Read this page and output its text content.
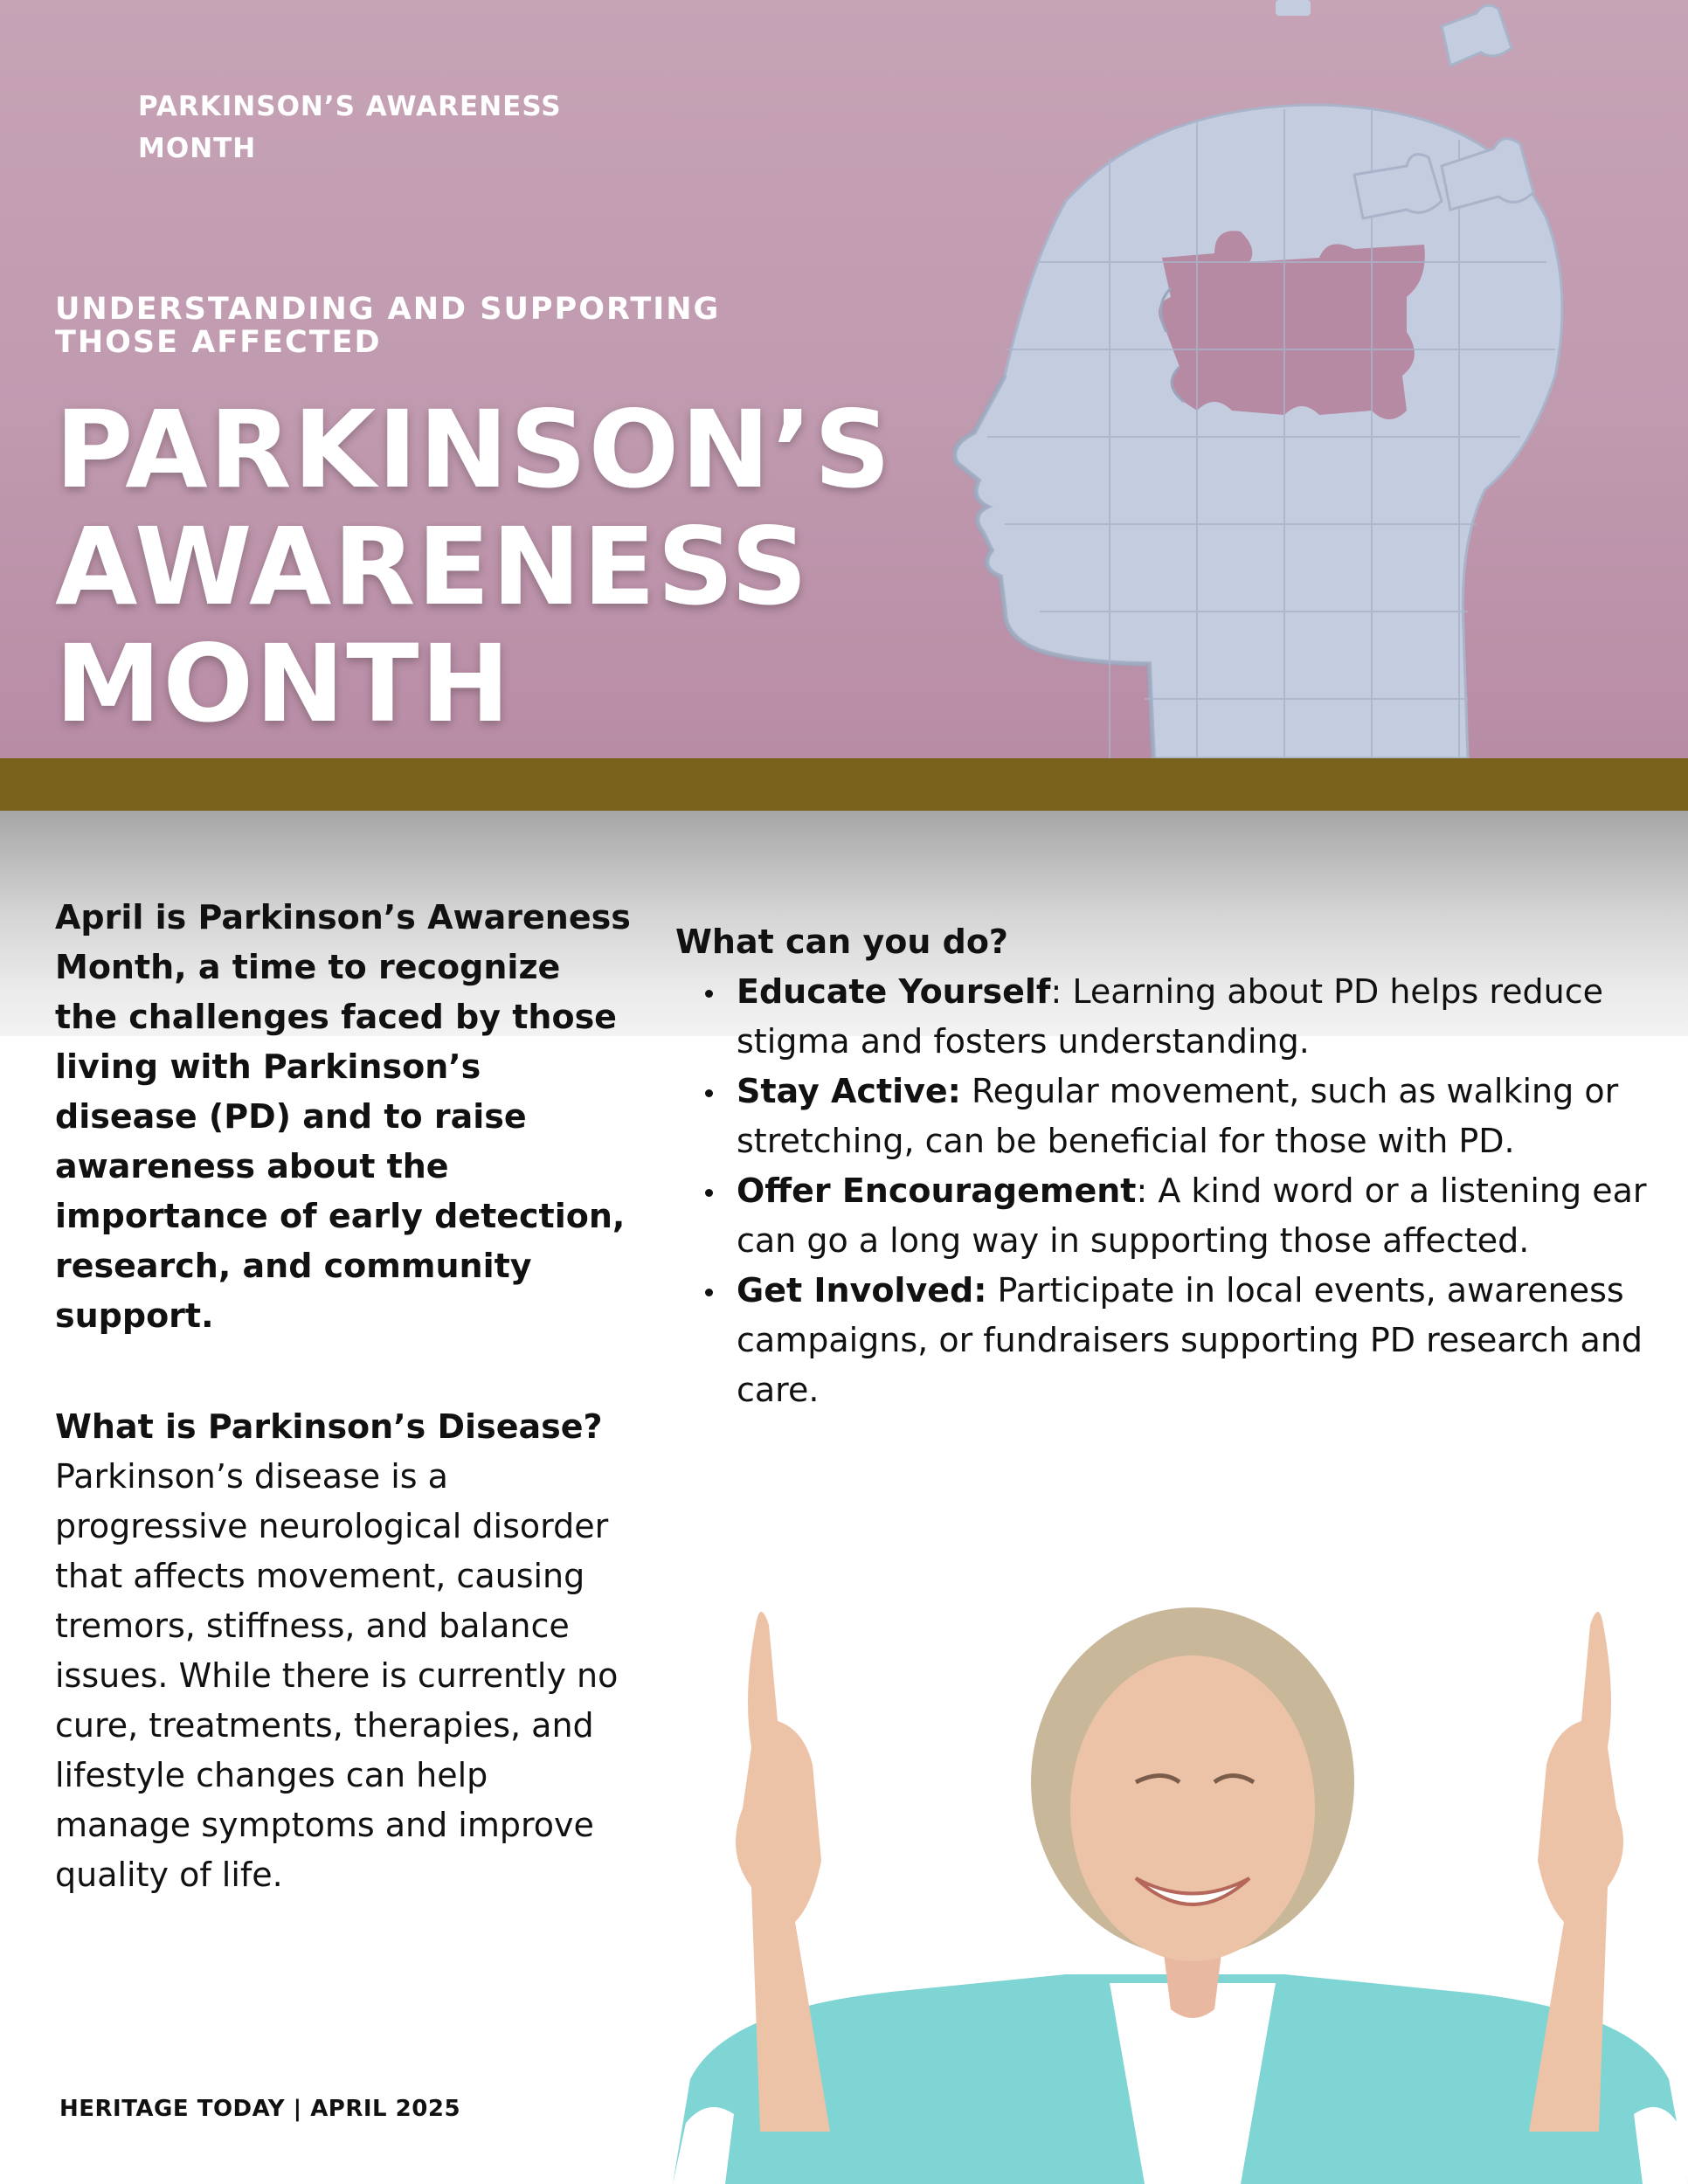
PARKINSON’S AWARENESS MONTH
UNDERSTANDING AND SUPPORTING THOSE AFFECTED
PARKINSON’S
AWARENESS
MONTH

April is Parkinson’s Awareness Month, a time to recognize the challenges faced by those living with Parkinson’s disease (PD) and to raise awareness about the importance of early detection, research, and community support.

What is Parkinson’s Disease?

Parkinson’s disease is a progressive neurological disorder that affects movement, causing tremors, stiffness, and balance issues. While there is currently no cure, treatments, therapies, and lifestyle changes can help manage symptoms and improve quality of life.

What can you do?

Educate Yourself: Learning about PD helps reduce stigma and fosters understanding.
Stay Active: Regular movement, such as walking or stretching, can be beneficial for those with PD.
Offer Encouragement: A kind word or a listening ear can go a long way in supporting those affected.
Get Involved: Participate in local events, awareness campaigns, or fundraisers supporting PD research and care.
HERITAGE TODAY | APRIL 2025
